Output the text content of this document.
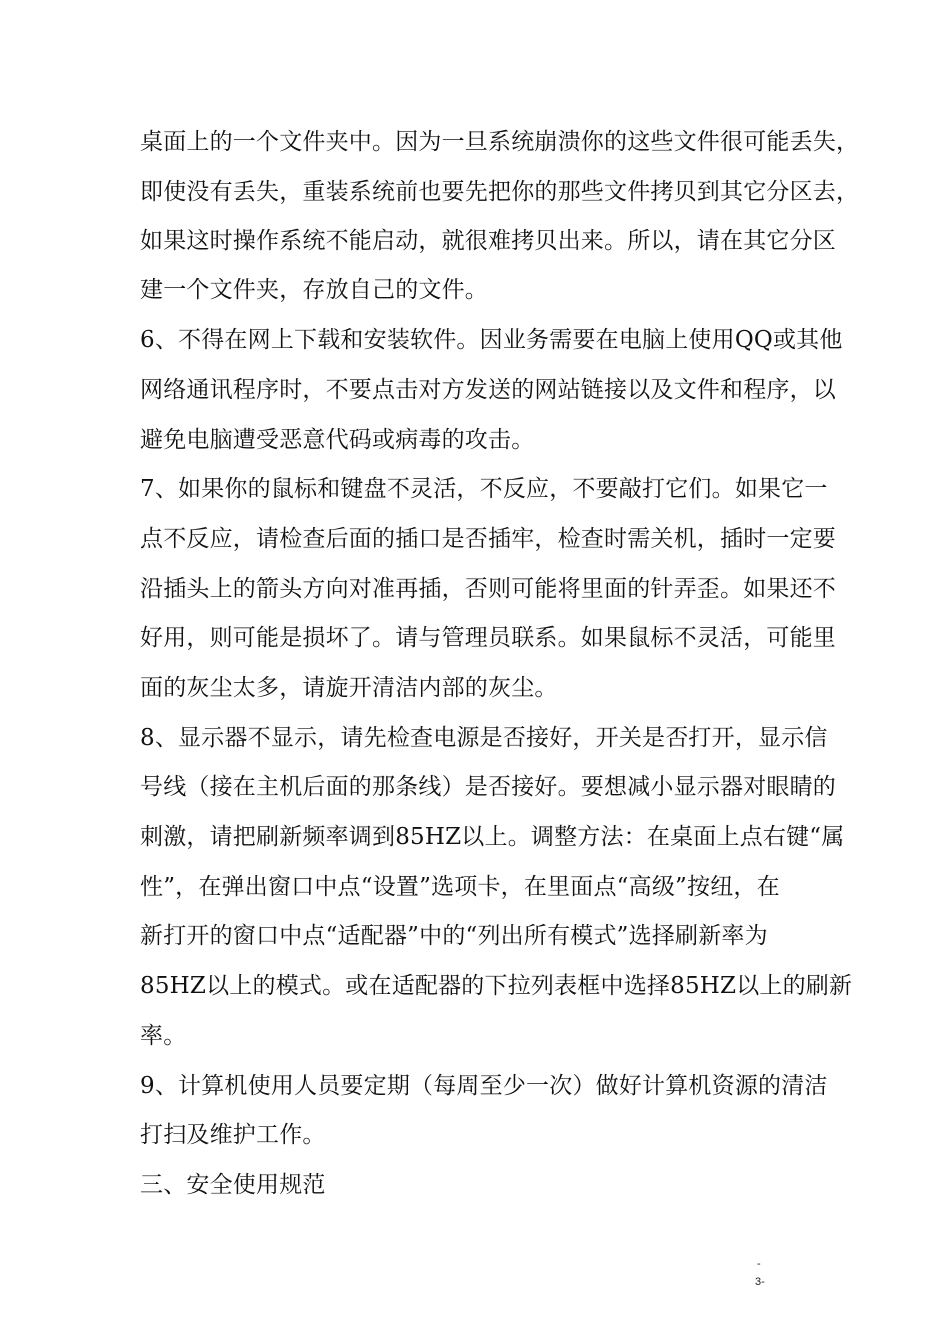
桌面上的一个文件夹中。因为一旦系统崩溃你的这些文件很可能丢失，
即使没有丢失，重装系统前也要先把你的那些文件拷贝到其它分区去，
如果这时操作系统不能启动，就很难拷贝出来。所以，请在其它分区
建一个文件夹，存放自己的文件。
6、不得在网上下载和安装软件。因业务需要在电脑上使用QQ或其他
网络通讯程序时，不要点击对方发送的网站链接以及文件和程序，以
避免电脑遭受恶意代码或病毒的攻击。
7、如果你的鼠标和键盘不灵活，不反应，不要敲打它们。如果它一
点不反应，请检查后面的插口是否插牢，检查时需关机，插时一定要
沿插头上的箭头方向对准再插，否则可能将里面的针弄歪。如果还不
好用，则可能是损坏了。请与管理员联系。如果鼠标不灵活，可能里
面的灰尘太多，请旋开清洁内部的灰尘。
8、显示器不显示，请先检查电源是否接好，开关是否打开，显示信
号线（接在主机后面的那条线）是否接好。要想减小显示器对眼睛的
刺激，请把刷新频率调到85HZ以上。调整方法：在桌面上点右键“属
性”，在弹出窗口中点“设置”选项卡，在里面点“高级”按纽，在
新打开的窗口中点“适配器”中的“列出所有模式”选择刷新率为
85HZ以上的模式。或在适配器的下拉列表框中选择85HZ以上的刷新
率。
9、计算机使用人员要定期（每周至少一次）做好计算机资源的清洁
打扫及维护工作。
三、安全使用规范
-
3-
